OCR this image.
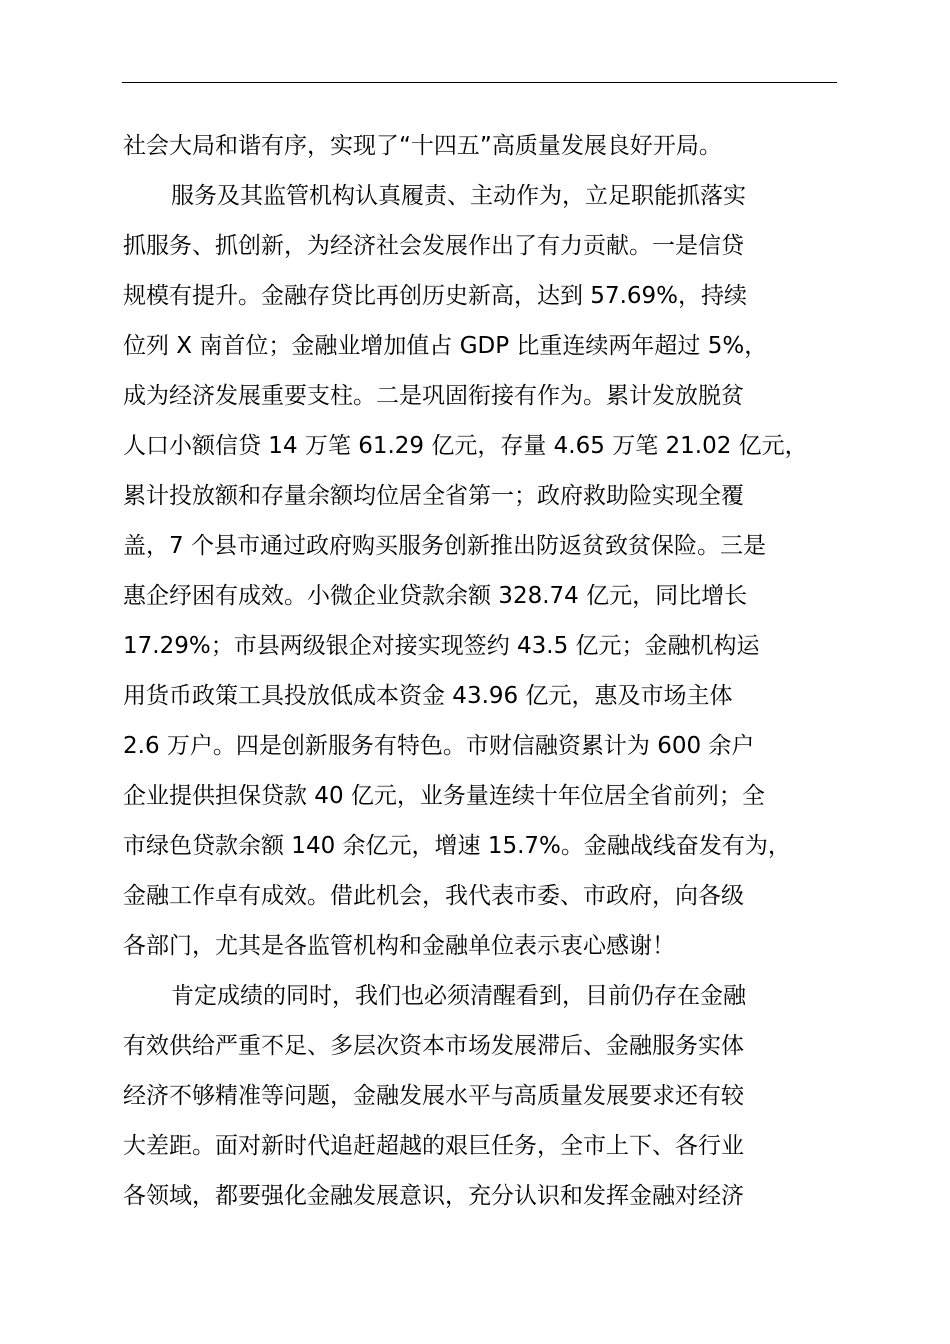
社会大局和谐有序，实现了“十四五”高质量发展良好开局。
服务及其监管机构认真履责、主动作为，立足职能抓落实
抓服务、抓创新，为经济社会发展作出了有力贡献。一是信贷
规模有提升。金融存贷比再创历史新高，达到 57.69%，持续
位列 X 南首位；金融业增加值占 GDP 比重连续两年超过 5%，
成为经济发展重要支柱。二是巩固衔接有作为。累计发放脱贫
人口小额信贷 14 万笔 61.29 亿元，存量 4.65 万笔 21.02 亿元，
累计投放额和存量余额均位居全省第一；政府救助险实现全覆
盖，7 个县市通过政府购买服务创新推出防返贫致贫保险。三是
惠企纾困有成效。小微企业贷款余额 328.74 亿元，同比增长
17.29%；市县两级银企对接实现签约 43.5 亿元；金融机构运
用货币政策工具投放低成本资金 43.96 亿元，惠及市场主体
2.6 万户。四是创新服务有特色。市财信融资累计为 600 余户
企业提供担保贷款 40 亿元，业务量连续十年位居全省前列；全
市绿色贷款余额 140 余亿元，增速 15.7%。金融战线奋发有为，
金融工作卓有成效。借此机会，我代表市委、市政府，向各级
各部门，尤其是各监管机构和金融单位表示衷心感谢！
肯定成绩的同时，我们也必须清醒看到，目前仍存在金融
有效供给严重不足、多层次资本市场发展滞后、金融服务实体
经济不够精准等问题，金融发展水平与高质量发展要求还有较
大差距。面对新时代追赶超越的艰巨任务，全市上下、各行业
各领域，都要强化金融发展意识，充分认识和发挥金融对经济
